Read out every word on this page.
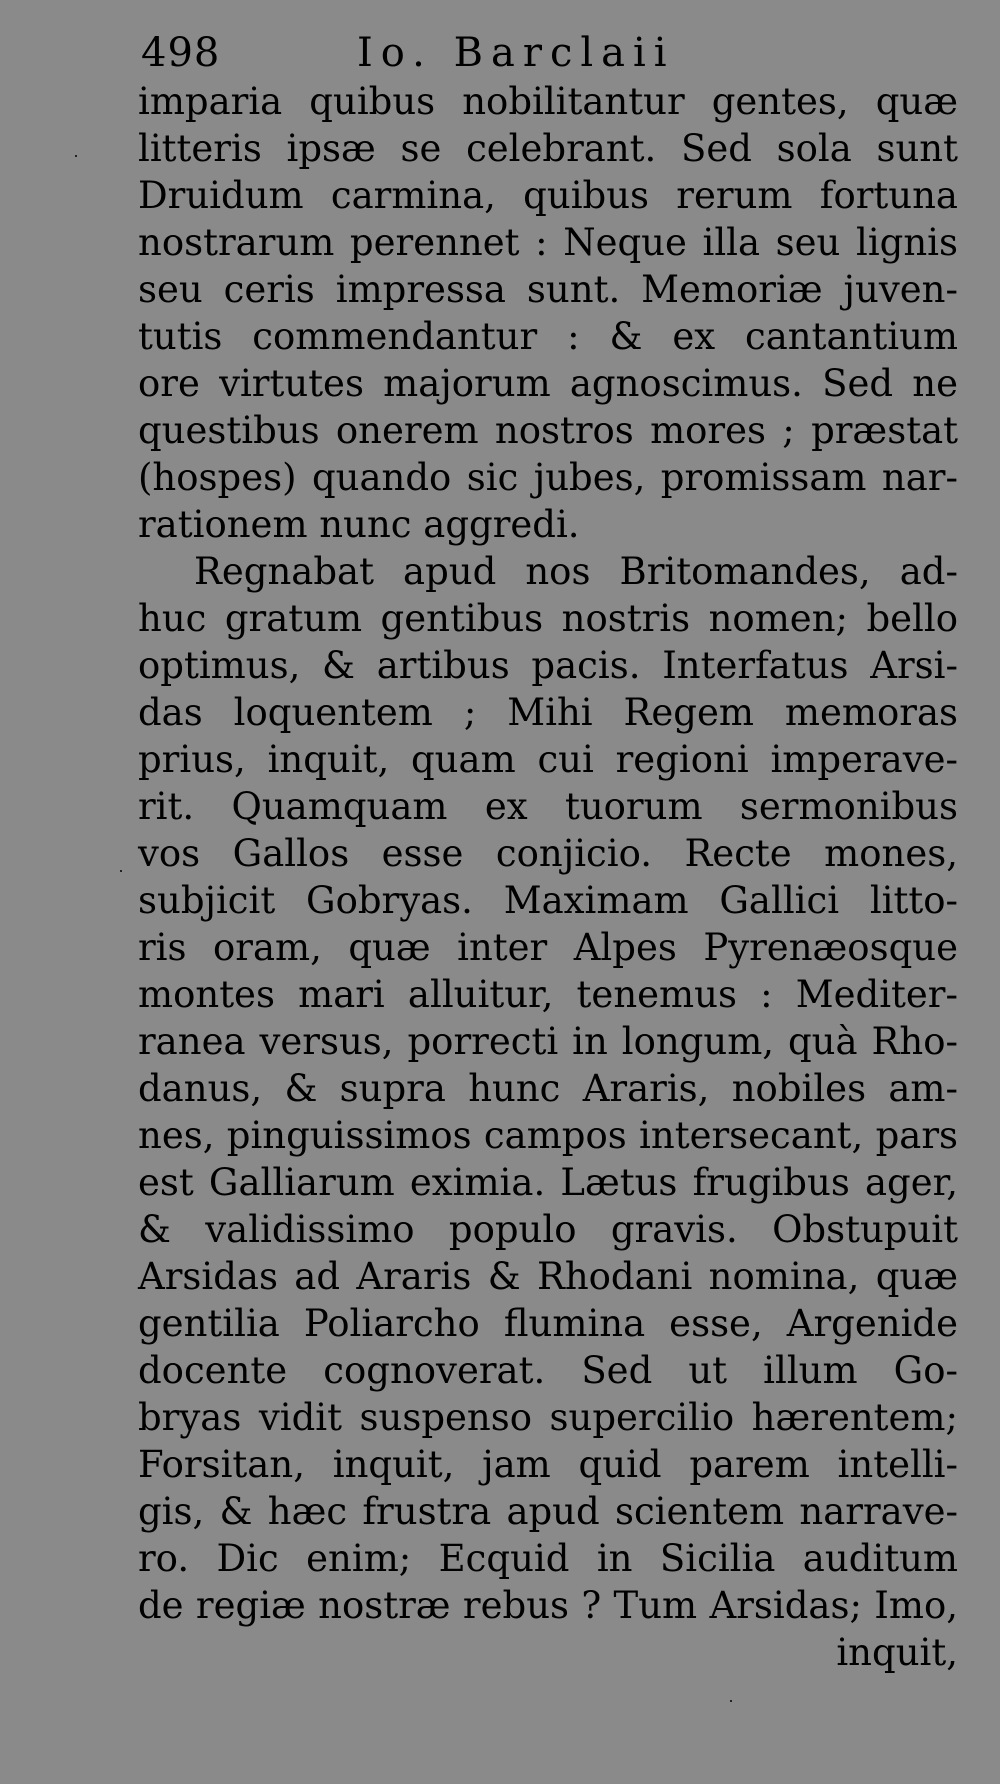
498	Io. Barclaii
imparia quibus nobilitantur gentes, quæ
litteris ipsæ se celebrant. Sed sola sunt
Druidum carmina, quibus rerum fortuna
nostrarum perennet : Neque illa seu lignis
seu ceris impressa sunt. Memoriæ juven-
tutis commendantur : & ex cantantium
ore virtutes majorum agnoscimus. Sed ne
questibus onerem nostros mores ; præstat
(hospes) quando sic jubes, promissam nar-
rationem nunc aggredi.
Regnabat apud nos Britomandes, ad-
huc gratum gentibus nostris nomen; bello
optimus, & artibus pacis. Interfatus Arsi-
das loquentem ; Mihi Regem memoras
prius, inquit, quam cui regioni imperave-
rit. Quamquam ex tuorum sermonibus
vos Gallos esse conjicio. Recte mones,
subjicit Gobryas. Maximam Gallici litto-
ris oram, quæ inter Alpes Pyrenæosque
montes mari alluitur, tenemus : Mediter-
ranea versus, porrecti in longum, quà Rho-
danus, & supra hunc Araris, nobiles am-
nes, pinguissimos campos intersecant, pars
est Galliarum eximia. Lætus frugibus ager,
& validissimo populo gravis. Obstupuit
Arsidas ad Araris & Rhodani nomina, quæ
gentilia Poliarcho flumina esse, Argenide
docente cognoverat. Sed ut illum Go-
bryas vidit suspenso supercilio hærentem;
Forsitan, inquit, jam quid parem intelli-
gis, & hæc frustra apud scientem narrave-
ro. Dic enim; Ecquid in Sicilia auditum
de regiæ nostræ rebus ? Tum Arsidas; Imo,
inquit,
